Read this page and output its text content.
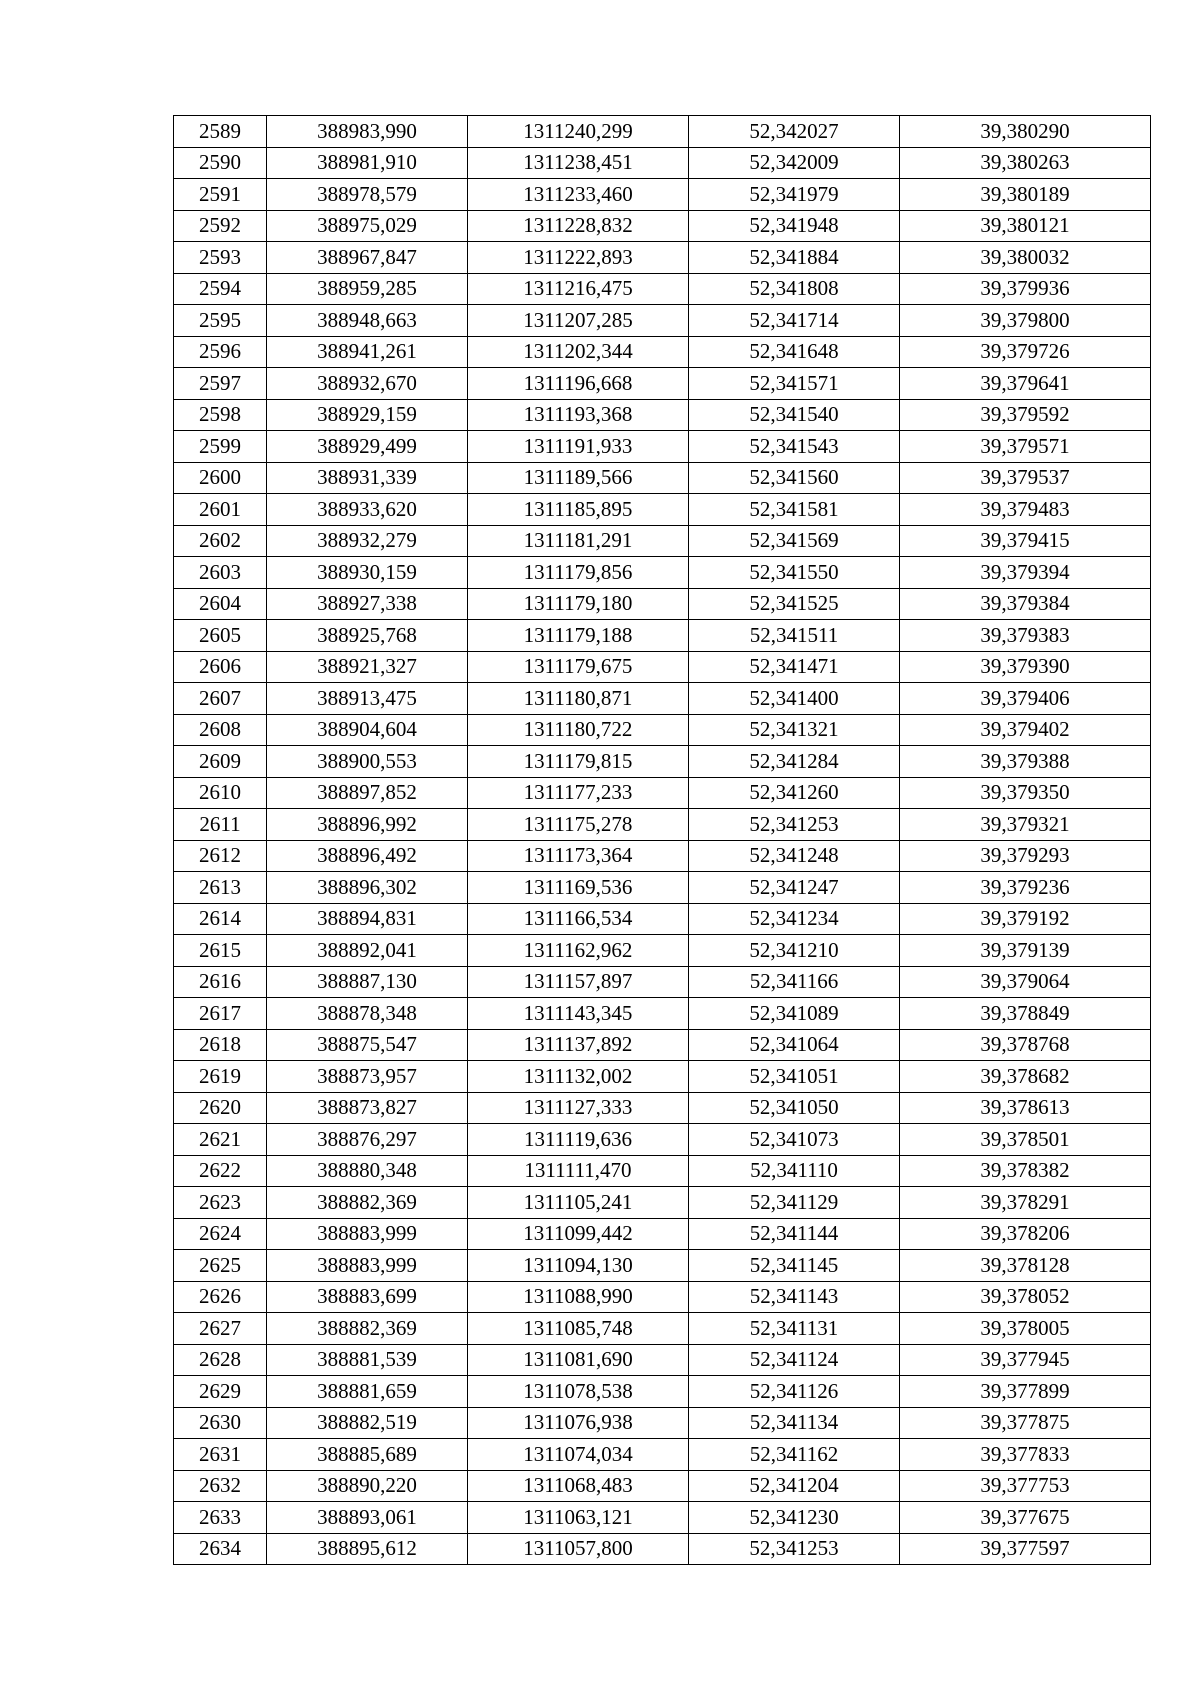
2589	388983,990	1311240,299	52,342027	39,380290
2590	388981,910	1311238,451	52,342009	39,380263
2591	388978,579	1311233,460	52,341979	39,380189
2592	388975,029	1311228,832	52,341948	39,380121
2593	388967,847	1311222,893	52,341884	39,380032
2594	388959,285	1311216,475	52,341808	39,379936
2595	388948,663	1311207,285	52,341714	39,379800
2596	388941,261	1311202,344	52,341648	39,379726
2597	388932,670	1311196,668	52,341571	39,379641
2598	388929,159	1311193,368	52,341540	39,379592
2599	388929,499	1311191,933	52,341543	39,379571
2600	388931,339	1311189,566	52,341560	39,379537
2601	388933,620	1311185,895	52,341581	39,379483
2602	388932,279	1311181,291	52,341569	39,379415
2603	388930,159	1311179,856	52,341550	39,379394
2604	388927,338	1311179,180	52,341525	39,379384
2605	388925,768	1311179,188	52,341511	39,379383
2606	388921,327	1311179,675	52,341471	39,379390
2607	388913,475	1311180,871	52,341400	39,379406
2608	388904,604	1311180,722	52,341321	39,379402
2609	388900,553	1311179,815	52,341284	39,379388
2610	388897,852	1311177,233	52,341260	39,379350
2611	388896,992	1311175,278	52,341253	39,379321
2612	388896,492	1311173,364	52,341248	39,379293
2613	388896,302	1311169,536	52,341247	39,379236
2614	388894,831	1311166,534	52,341234	39,379192
2615	388892,041	1311162,962	52,341210	39,379139
2616	388887,130	1311157,897	52,341166	39,379064
2617	388878,348	1311143,345	52,341089	39,378849
2618	388875,547	1311137,892	52,341064	39,378768
2619	388873,957	1311132,002	52,341051	39,378682
2620	388873,827	1311127,333	52,341050	39,378613
2621	388876,297	1311119,636	52,341073	39,378501
2622	388880,348	1311111,470	52,341110	39,378382
2623	388882,369	1311105,241	52,341129	39,378291
2624	388883,999	1311099,442	52,341144	39,378206
2625	388883,999	1311094,130	52,341145	39,378128
2626	388883,699	1311088,990	52,341143	39,378052
2627	388882,369	1311085,748	52,341131	39,378005
2628	388881,539	1311081,690	52,341124	39,377945
2629	388881,659	1311078,538	52,341126	39,377899
2630	388882,519	1311076,938	52,341134	39,377875
2631	388885,689	1311074,034	52,341162	39,377833
2632	388890,220	1311068,483	52,341204	39,377753
2633	388893,061	1311063,121	52,341230	39,377675
2634	388895,612	1311057,800	52,341253	39,377597
